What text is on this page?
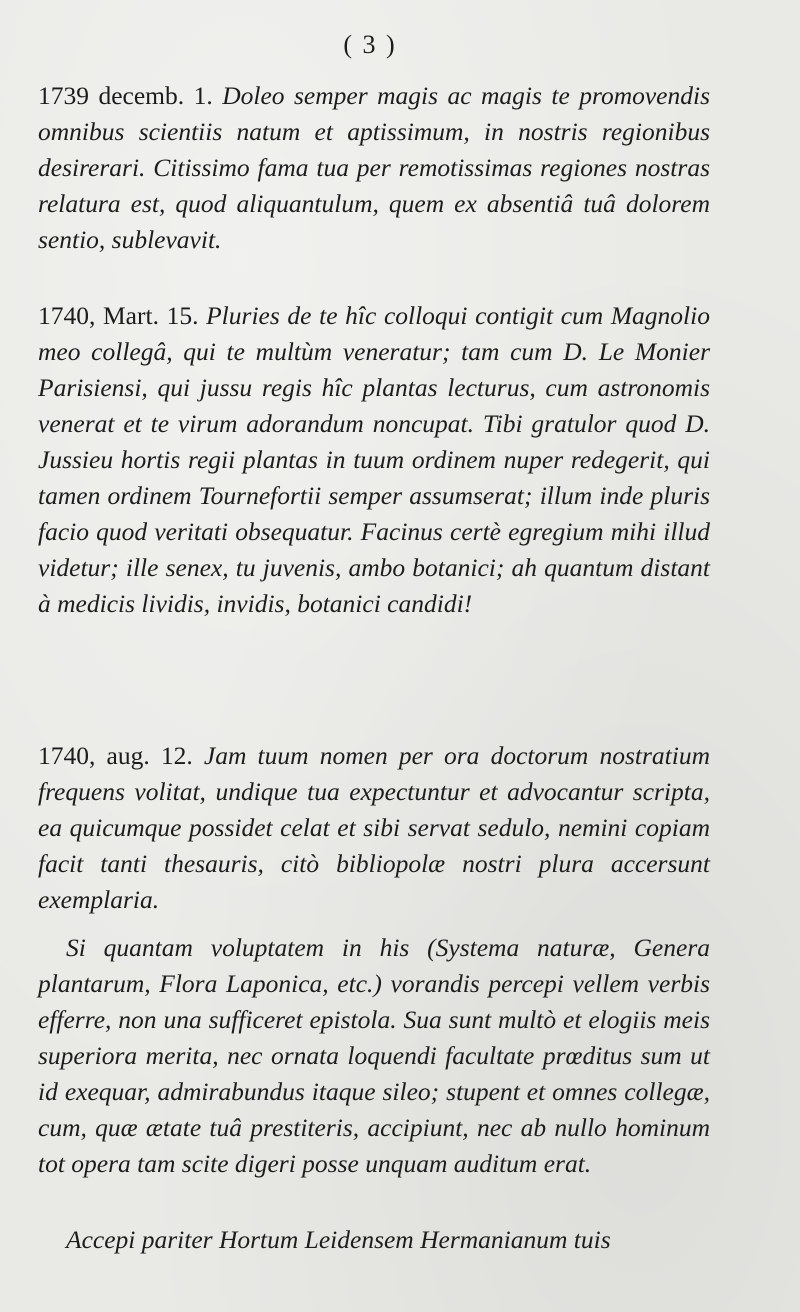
( 3 )

1739 decemb. 1. Doleo semper magis ac magis te promovendis omnibus scientiis natum et aptissimum, in nostris regionibus desirerari. Citissimo fama tua per remotissimas regiones nostras relatura est, quod aliquantulum, quem ex absentiâ tuâ dolorem sentio, sublevavit.

1740, Mart. 15. Pluries de te hîc colloqui contigit cum Magnolio meo collegâ, qui te multùm veneratur; tam cum D. Le Monier Parisiensi, qui jussu regis hîc plantas lecturus, cum astronomis venerat et te virum adorandum noncupat. Tibi gratulor quod D. Jussieu hortis regii plantas in tuum ordinem nuper redegerit, qui tamen ordinem Tournefortii semper assumserat; illum inde pluris facio quod veritati obsequatur. Facinus certè egregium mihi illud videtur; ille senex, tu juvenis, ambo botanici; ah quantum distant à medicis lividis, invidis, botanici candidi!

1740, aug. 12. Jam tuum nomen per ora doctorum nostratium frequens volitat, undique tua expectuntur et advocantur scripta, ea quicumque possidet celat et sibi servat sedulo, nemini copiam facit tanti thesauris, citò bibliopolæ nostri plura accersunt exemplaria.

Si quantam voluptatem in his (Systema naturæ, Genera plantarum, Flora Laponica, etc.) vorandis percepi vellem verbis efferre, non una sufficeret epistola. Sua sunt multò et elogiis meis superiora merita, nec ornata loquendi facultate prœditus sum ut id exequar, admirabundus itaque sileo; stupent et omnes collegæ, cum, quæ ætate tuâ prestiteris, accipiunt, nec ab nullo hominum tot opera tam scite digeri posse unquam auditum erat.

Accepi pariter Hortum Leidensem Hermanianum tuis
